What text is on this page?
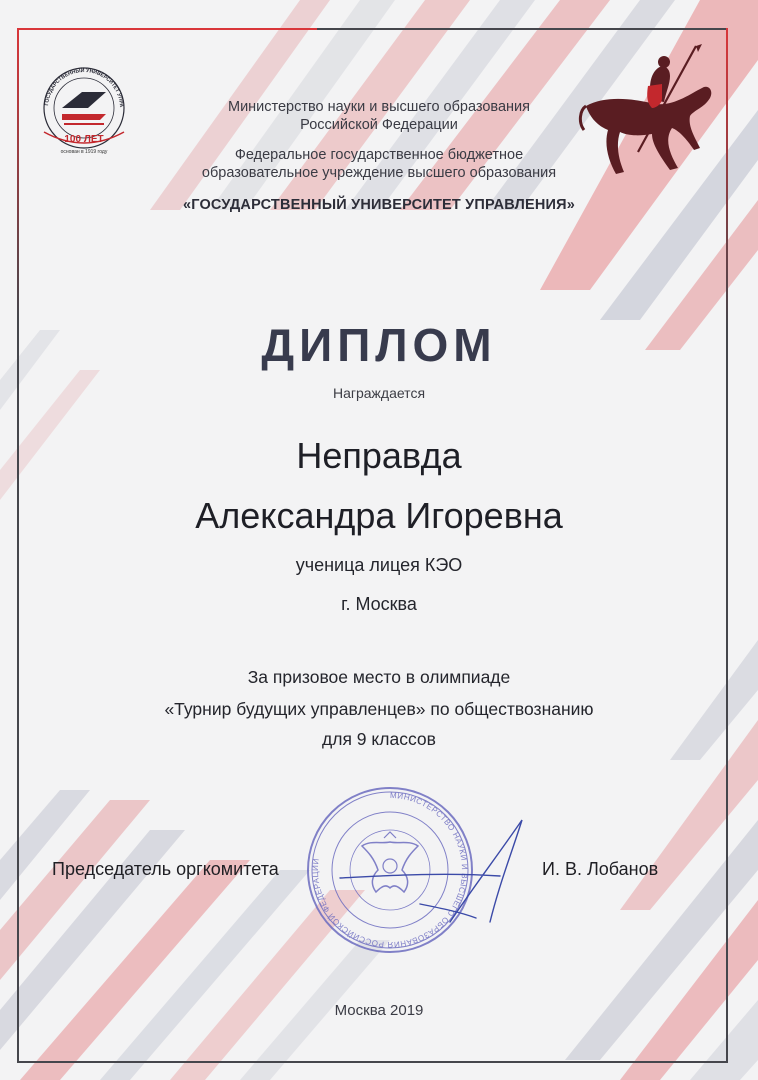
ГОСУДАРСТВЕННЫЙ УНИВЕРСИТЕТ УПРА
100 ЛЕТ
основан в 1919 году
Министерство науки и высшего образования
Российской Федерации
Федеральное государственное бюджетное
образовательное учреждение высшего образования
«ГОСУДАРСТВЕННЫЙ УНИВЕРСИТЕТ УПРАВЛЕНИЯ»
ДИПЛОМ
Награждается
Неправда
Александра Игоревна
ученица лицея КЭО
г. Москва
За призовое место в олимпиаде
«Турнир будущих управленцев» по обществознанию
для 9 классов
МИНИСТЕРСТВО НАУКИ И ВЫСШЕГО ОБРАЗОВАНИЯ РОССИЙСКОЙ ФЕДЕРАЦИИ
Председатель оргкомитета	И. В. Лобанов
Москва 2019
